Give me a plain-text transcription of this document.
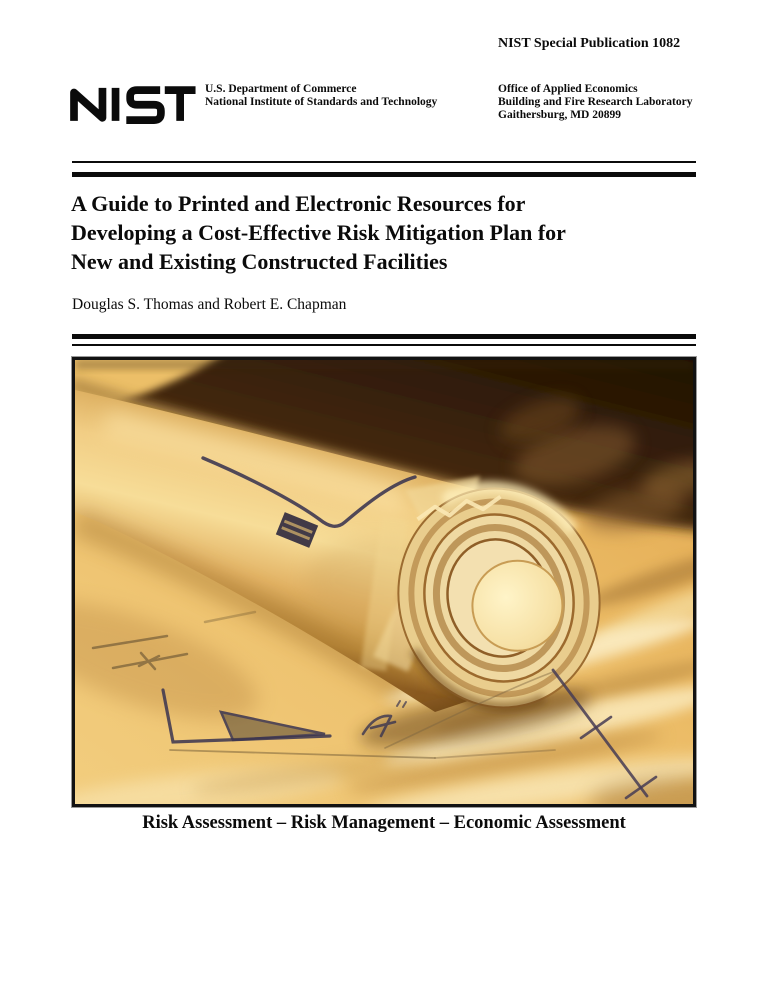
NIST Special Publication 1082
U.S. Department of Commerce
National Institute of Standards and Technology
Office of Applied Economics
Building and Fire Research Laboratory
Gaithersburg, MD 20899
A Guide to Printed and Electronic Resources for
Developing a Cost-Effective Risk Mitigation Plan for
New and Existing Constructed Facilities
Douglas S. Thomas and Robert E. Chapman
Risk Assessment – Risk Management – Economic Assessment
